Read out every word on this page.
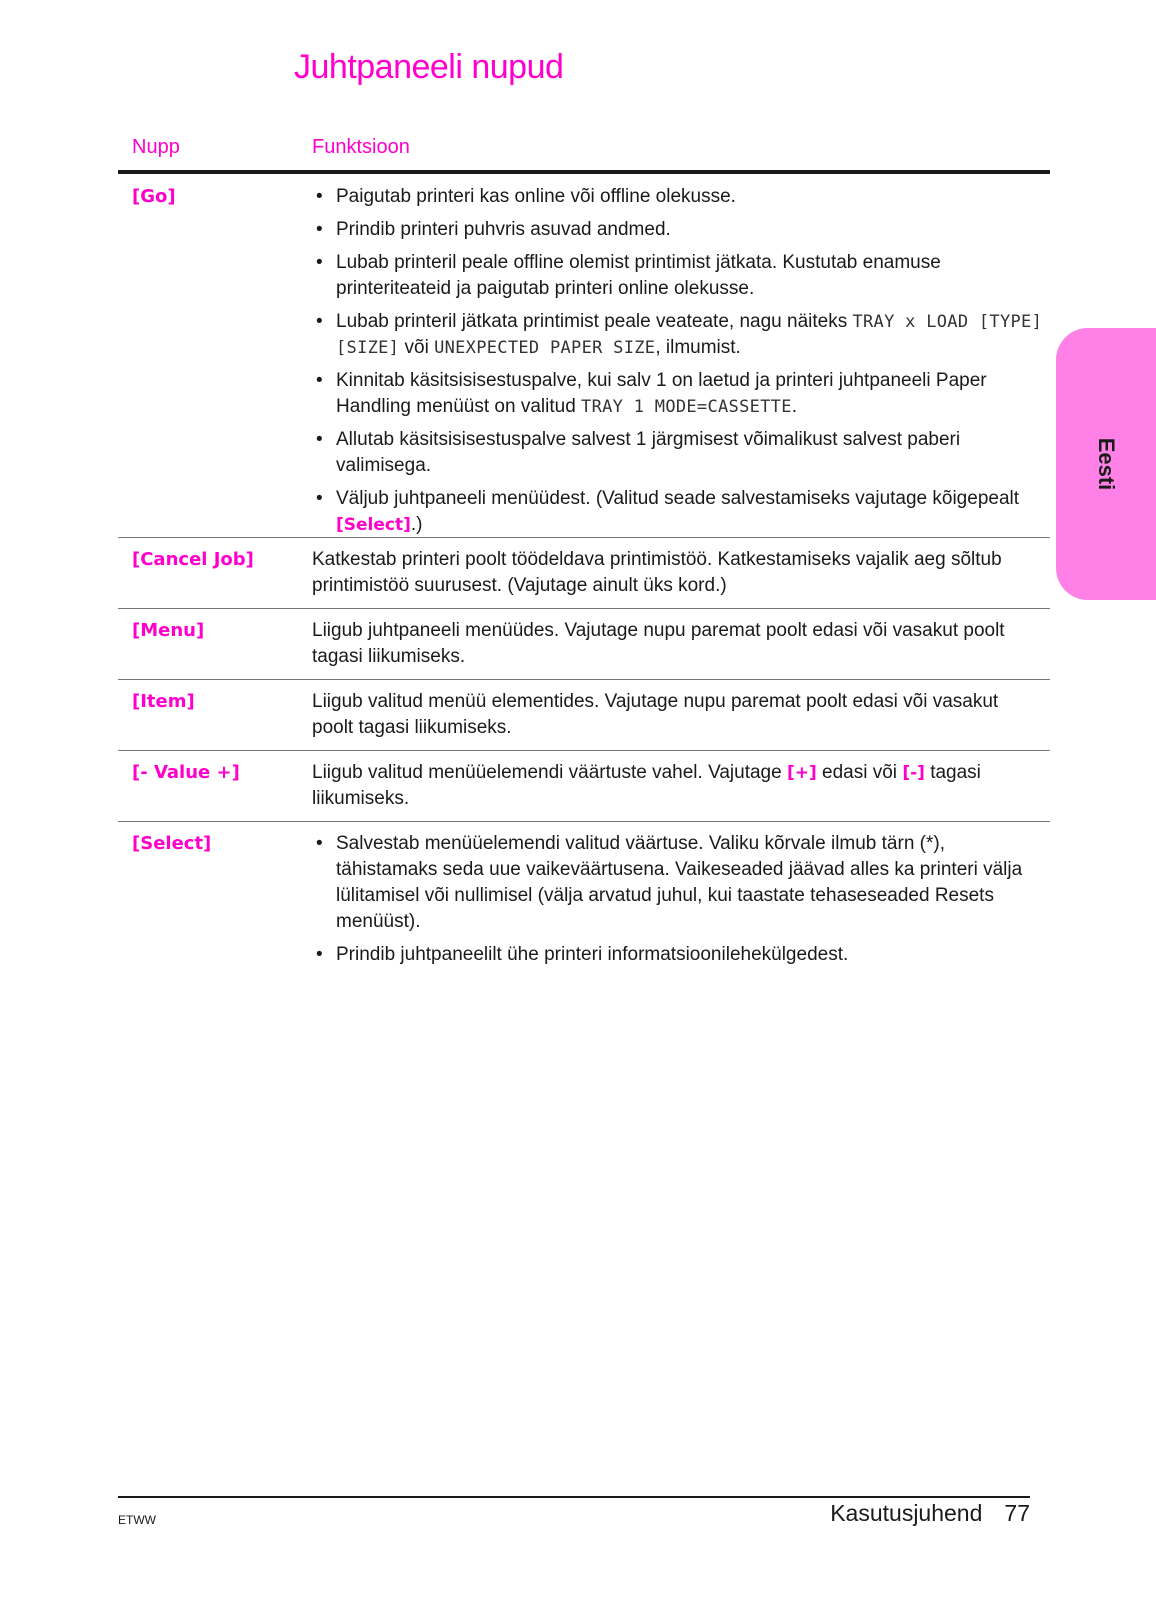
Juhtpaneeli nupud
Nupp	Funktsioon
[Go]	• Paigutab printeri kas online või offline olekusse.
• Prindib printeri puhvris asuvad andmed.
• Lubab printeril peale offline olemist printimist jätkata. Kustutab enamuse printeriteateid ja paigutab printeri online olekusse.
• Lubab printeril jätkata printimist peale veateate, nagu näiteks TRAY x LOAD [TYPE] [SIZE] või UNEXPECTED PAPER SIZE, ilmumist.
• Kinnitab käsitsisisestuspalve, kui salv 1 on laetud ja printeri juhtpaneeli Paper Handling menüüst on valitud TRAY 1 MODE=CASSETTE.
• Allutab käsitsisisestuspalve salvest 1 järgmisest võimalikust salvest paberi valimisega.
• Väljub juhtpaneeli menüüdest. (Valitud seade salvestamiseks vajutage kõigepealt [Select].)
[Cancel Job]	Katkestab printeri poolt töödeldava printimistöö. Katkestamiseks vajalik aeg sõltub printimistöö suurusest. (Vajutage ainult üks kord.)

[Menu]	Liigub juhtpaneeli menüüdes. Vajutage nupu paremat poolt edasi või vasakut poolt tagasi liikumiseks.

[Item]	Liigub valitud menüü elementides. Vajutage nupu paremat poolt edasi või vasakut poolt tagasi liikumiseks.

[- Value +]	Liigub valitud menüüelemendi väärtuste vahel. Vajutage [+] edasi või [-] tagasi liikumiseks.

[Select]	• Salvestab menüüelemendi valitud väärtuse. Valiku kõrvale ilmub tärn (*), tähistamaks seda uue vaikeväärtusena. Vaikeseaded jäävad alles ka printeri välja lülitamisel või nullimisel (välja arvatud juhul, kui taastate tehaseseaded Resets menüüst).
• Prindib juhtpaneelilt ühe printeri informatsioonilehekülgedest.
Eesti
ETWW	Kasutusjuhend 77
